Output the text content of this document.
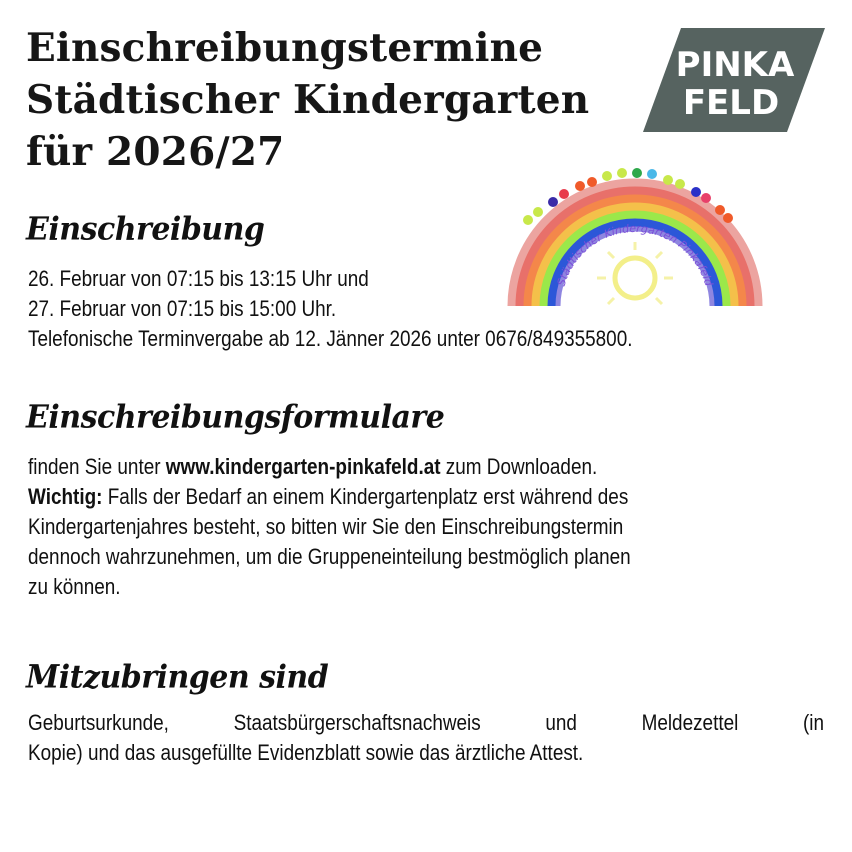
Einschreibungstermine
Städtischer Kindergarten
für 2026/27
PINKA
FELD
Städtischer Kindergarten Pinkafeld
Einschreibung
26. Februar von 07:15 bis 13:15 Uhr und
27. Februar von 07:15 bis 15:00 Uhr.
Telefonische Terminvergabe ab 12. Jänner 2026 unter 0676/849355800.
Einschreibungsformulare
finden Sie unter www.kindergarten-pinkafeld.at zum Downloaden.
Wichtig: Falls der Bedarf an einem Kindergartenplatz erst während des
Kindergartenjahres besteht, so bitten wir Sie den Einschreibungstermin
dennoch wahrzunehmen, um die Gruppeneinteilung bestmöglich planen
zu können.
Mitzubringen sind
Geburtsurkunde, Staatsbürgerschaftsnachweis und Meldezettel (in
Kopie) und das ausgefüllte Evidenzblatt sowie das ärztliche Attest.
